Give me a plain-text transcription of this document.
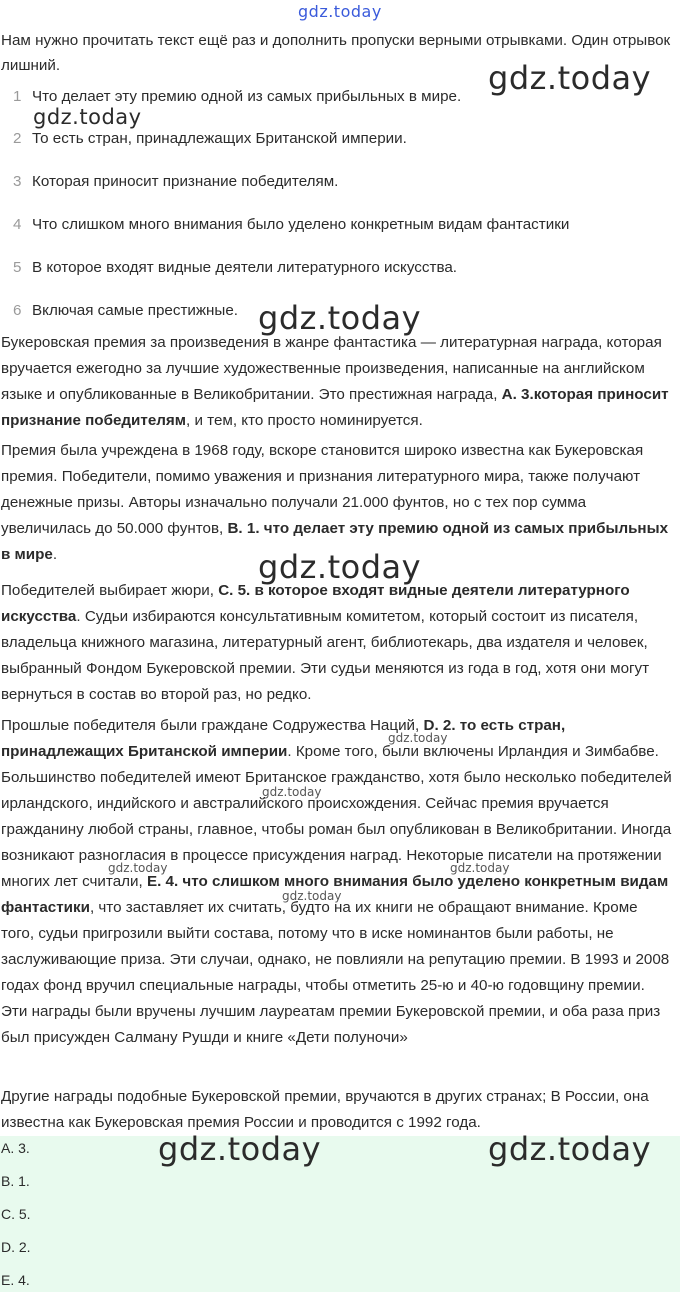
gdz.today
Нам нужно прочитать текст ещё раз и дополнить пропуски верными отрывками. Один отрывок лишний.	gdz.today
1 Что делает эту премию одной из самых прибыльных в мире.
gdz.today
2 То есть стран, принадлежащих Британской империи.
3 Которая приносит признание победителям.
4 Что слишком много внимания было уделено конкретным видам фантастики
5 В которое входят видные деятели литературного искусства.
6 Включая самые престижные. gdz.today

Букеровская премия за произведения в жанре фантастика — литературная награда, которая вручается ежегодно за лучшие художественные произведения, написанные на английском языке и опубликованные в Великобритании. Это престижная награда, A. 3.которая приносит признание победителям, и тем, кто просто номинируется.

Премия была учреждена в 1968 году, вскоре становится широко известна как Букеровская премия. Победители, помимо уважения и признания литературного мира, также получают денежные призы. Авторы изначально получали 21.000 фунтов, но с тех пор сумма увеличилась до 50.000 фунтов, B. 1. что делает эту премию одной из самых прибыльных в мире.	gdz.today

Победителей выбирает жюри, C. 5. в которое входят видные деятели литературного искусства. Судьи избираются консультативным комитетом, который состоит из писателя, владельца книжного магазина, литературный агент, библиотекарь, два издателя и человек, выбранный Фондом Букеровской премии. Эти судьи меняются из года в год, хотя они могут вернуться в состав во второй раз, но редко.

gdz.today
gdz.today
gdz.today	gdz.today
gdz.today

Прошлые победителя были граждане Содружества Наций, D. 2. то есть стран, принадлежащих Британской империи. Кроме того, были включены Ирландия и Зимбабве. Большинство победителей имеют Британское гражданство, хотя было несколько победителей ирландского, индийского и австралийского происхождения. Сейчас премия вручается гражданину любой страны, главное, чтобы роман был опубликован в Великобритании. Иногда возникают разногласия в процессе присуждения наград. Некоторые писатели на протяжении многих лет считали, E. 4. что слишком много внимания было уделено конкретным видам фантастики, что заставляет их считать, будто на их книги не обращают внимание. Кроме того, судьи пригрозили выйти состава, потому что в иске номинантов были работы, не заслуживающие приза. Эти случаи, однако, не повлияли на репутацию премии. В 1993 и 2008 годах фонд вручил специальные награды, чтобы отметить 25-ю и 40-ю годовщину премии. Эти награды были вручены лучшим лауреатам премии Букеровской премии, и оба раза приз был присужден Салману Рушди и книге «Дети полуночи»

Другие награды подобные Букеровской премии, вручаются в других странах; В России, она известна как Букеровская премия России и проводится с 1992 года.

A. 3.
B. 1.
C. 5.
D. 2.
E. 4.
gdz.today	gdz.today
